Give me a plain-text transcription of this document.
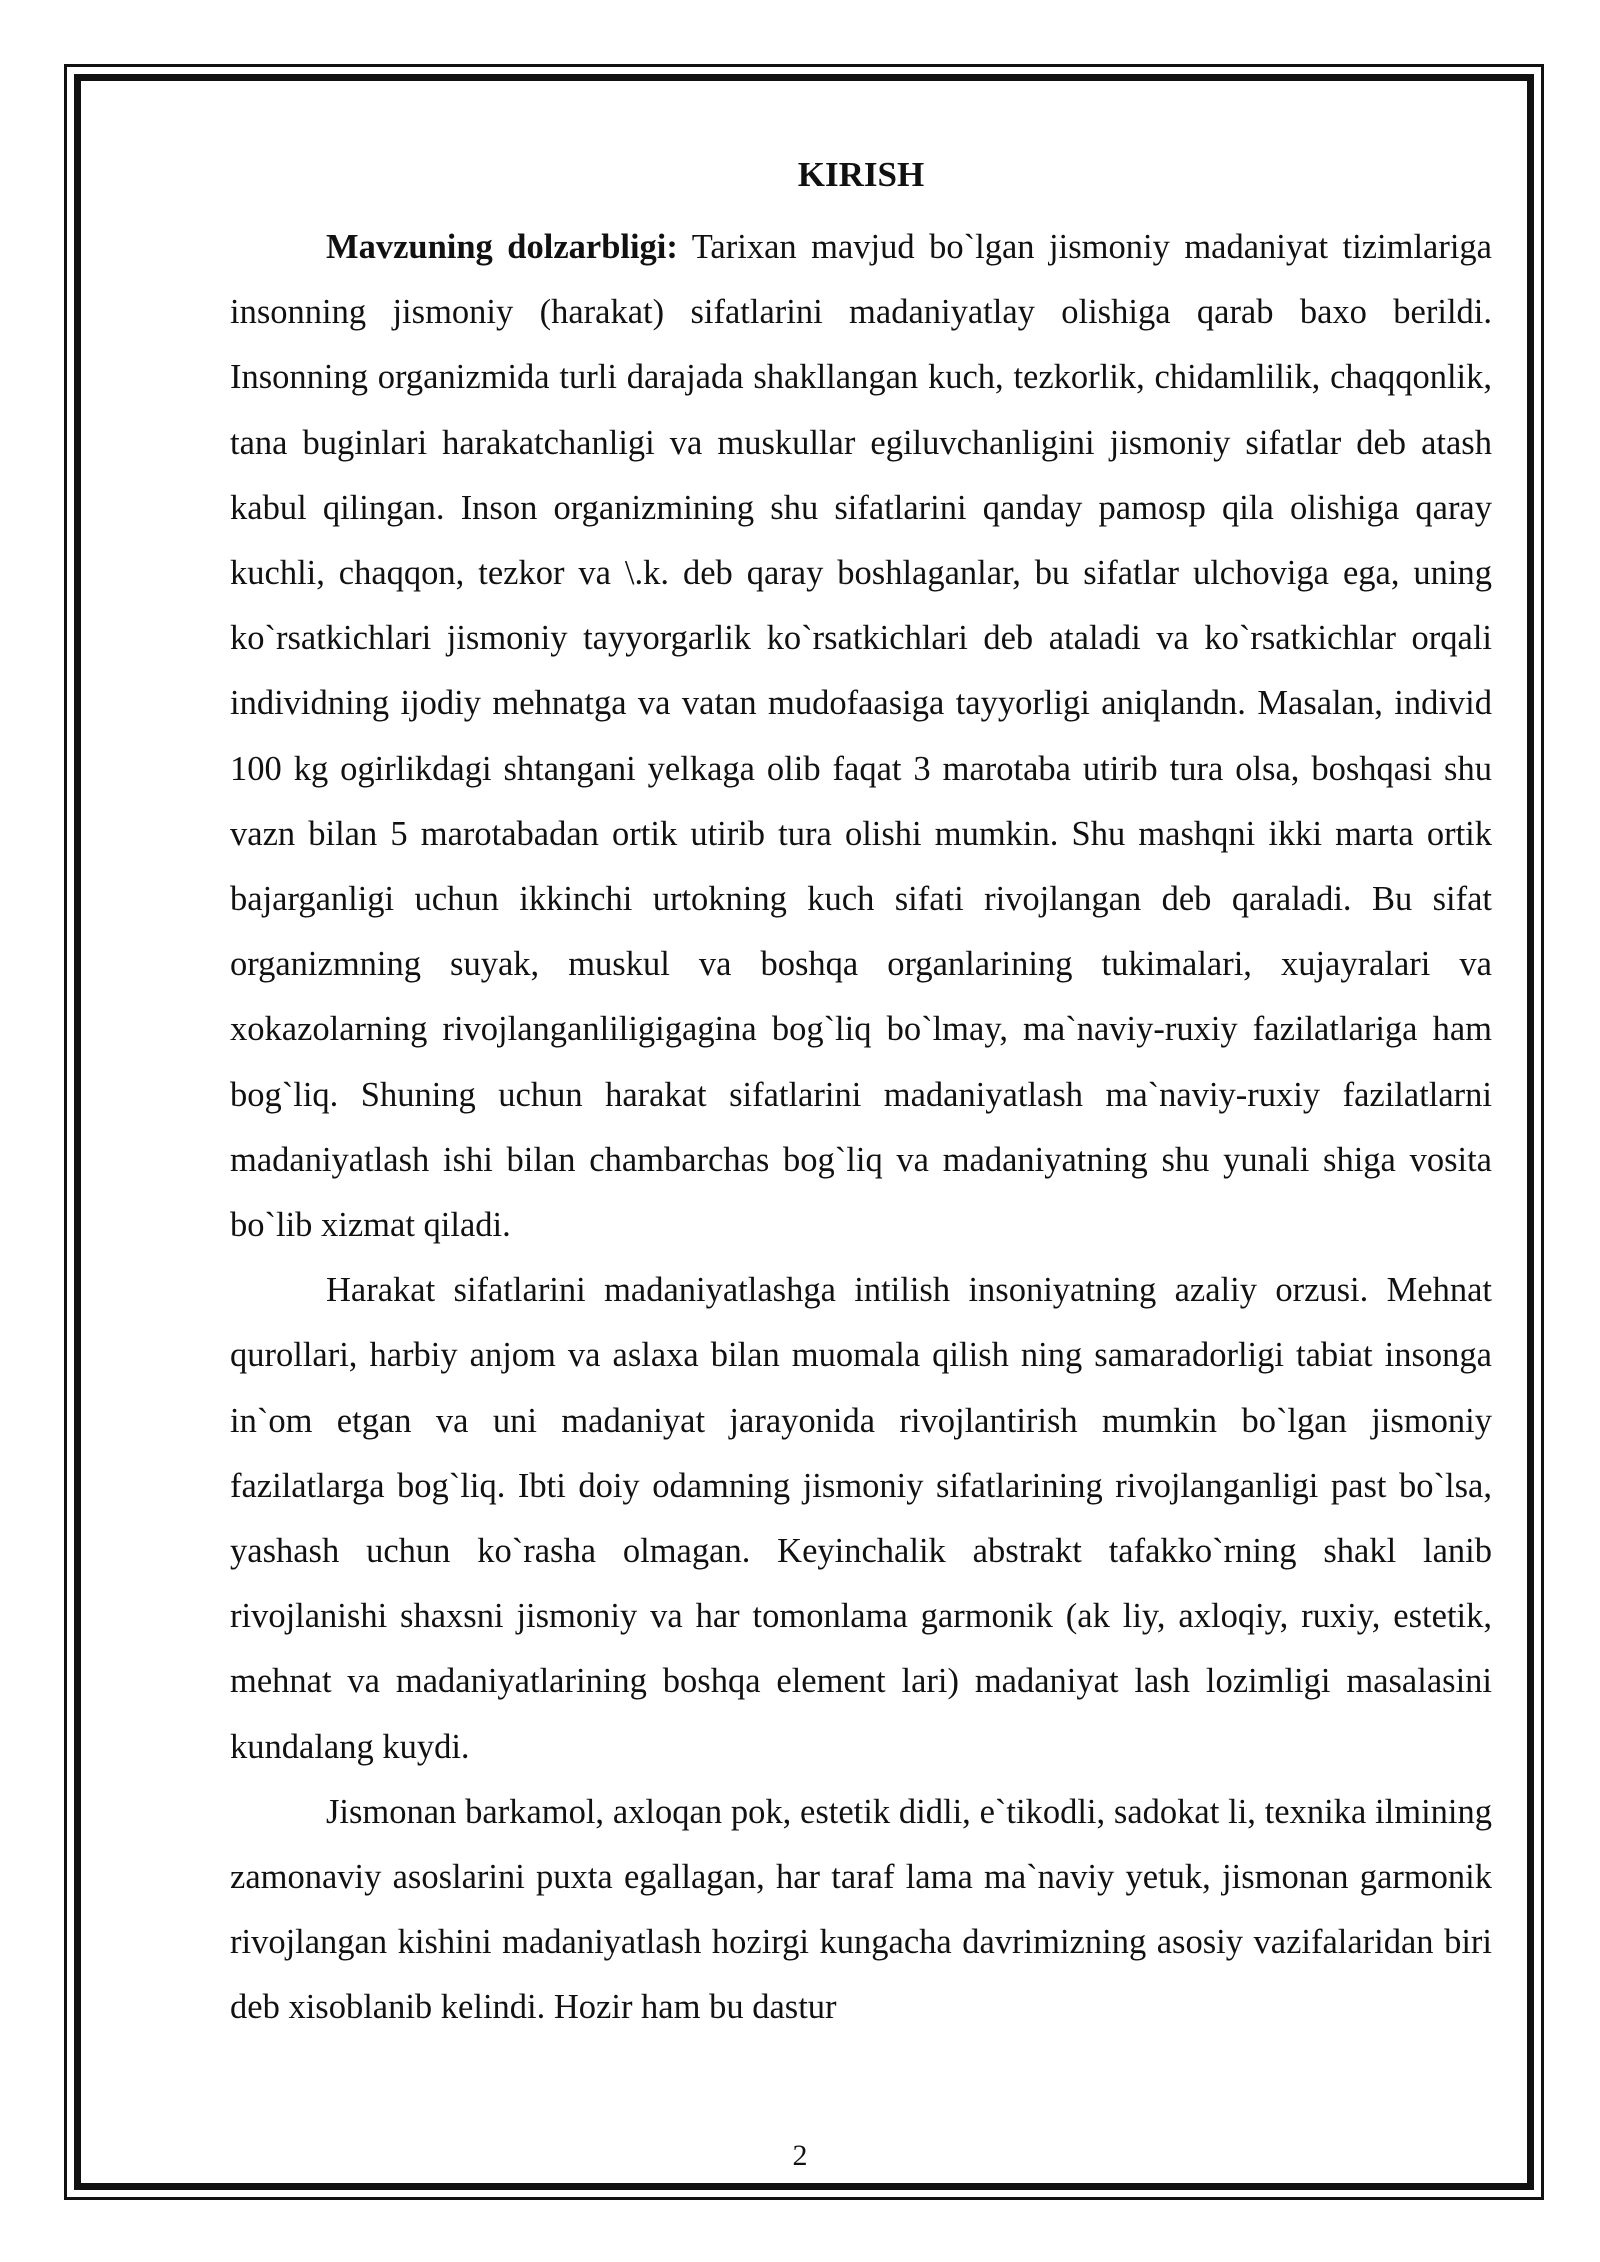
KIRISH

Mavzuning dolzarbligi: Tarixan mavjud bo`lgan jismoniy madaniyat tizimlariga insonning jismoniy (harakat) sifatlarini madaniyatlay olishiga qarab baxo berildi. Insonning organizmida turli darajada shakllangan kuch, tezkorlik, chidamlilik, chaqqonlik, tana buginlari harakatchanligi va muskullar egiluvchanligini jismoniy sifatlar deb atash kabul qilingan. Inson organizmining shu sifatlarini qanday pamosp qila olishiga qaray kuchli, chaqqon, tezkor va \.k. deb qaray boshlaganlar, bu sifatlar ulchoviga ega, uning ko`rsatkichlari jismoniy tayyorgarlik ko`rsatkichlari deb ataladi va ko`rsatkichlar orqali individning ijodiy mehnatga va vatan mudofaasiga tayyorligi aniqlandn. Masalan, individ 100 kg ogirlikdagi shtangani yelkaga olib faqat 3 marotaba utirib tura olsa, boshqasi shu vazn bilan 5 marotabadan ortik utirib tura olishi mumkin. Shu mashqni ikki marta ortik bajarganligi uchun ikkinchi urtokning kuch sifati rivojlangan deb qaraladi. Bu sifat organizmning suyak, muskul va boshqa organlarining tukimalari, xujayralari va xokazolarning rivojlanganliligigagina bog`liq bo`lmay, ma`naviy-ruxiy fazilatlariga ham bog`liq. Shuning uchun harakat sifatlarini madaniyatlash ma`naviy-ruxiy fazilatlarni madaniyatlash ishi bilan chambarchas bog`liq va madaniyatning shu yunali shiga vosita bo`lib xizmat qiladi.

Harakat sifatlarini madaniyatlashga intilish insoniyatning azaliy orzusi. Mehnat qurollari, harbiy anjom va aslaxa bilan muomala qilish ning samaradorligi tabiat insonga in`om etgan va uni madaniyat jarayonida rivojlantirish mumkin bo`lgan jismoniy fazilatlarga bog`liq. Ibti doiy odamning jismoniy sifatlarining rivojlanganligi past bo`lsa, yashash uchun ko`rasha olmagan. Keyinchalik abstrakt tafakko`rning shakl lanib rivojlanishi shaxsni jismoniy va har tomonlama garmonik (ak liy, axloqiy, ruxiy, estetik, mehnat va madaniyatlarining boshqa element lari) madaniyat lash lozimligi masalasini kundalang kuydi.

Jismonan barkamol, axloqan pok, estetik didli, e`tikodli, sadokat li, texnika ilmining zamonaviy asoslarini puxta egallagan, har taraf lama ma`naviy yetuk, jismonan garmonik rivojlangan kishini madaniyatlash hozirgi kungacha davrimizning asosiy vazifalaridan biri deb xisoblanib kelindi. Hozir ham bu dastur

2
